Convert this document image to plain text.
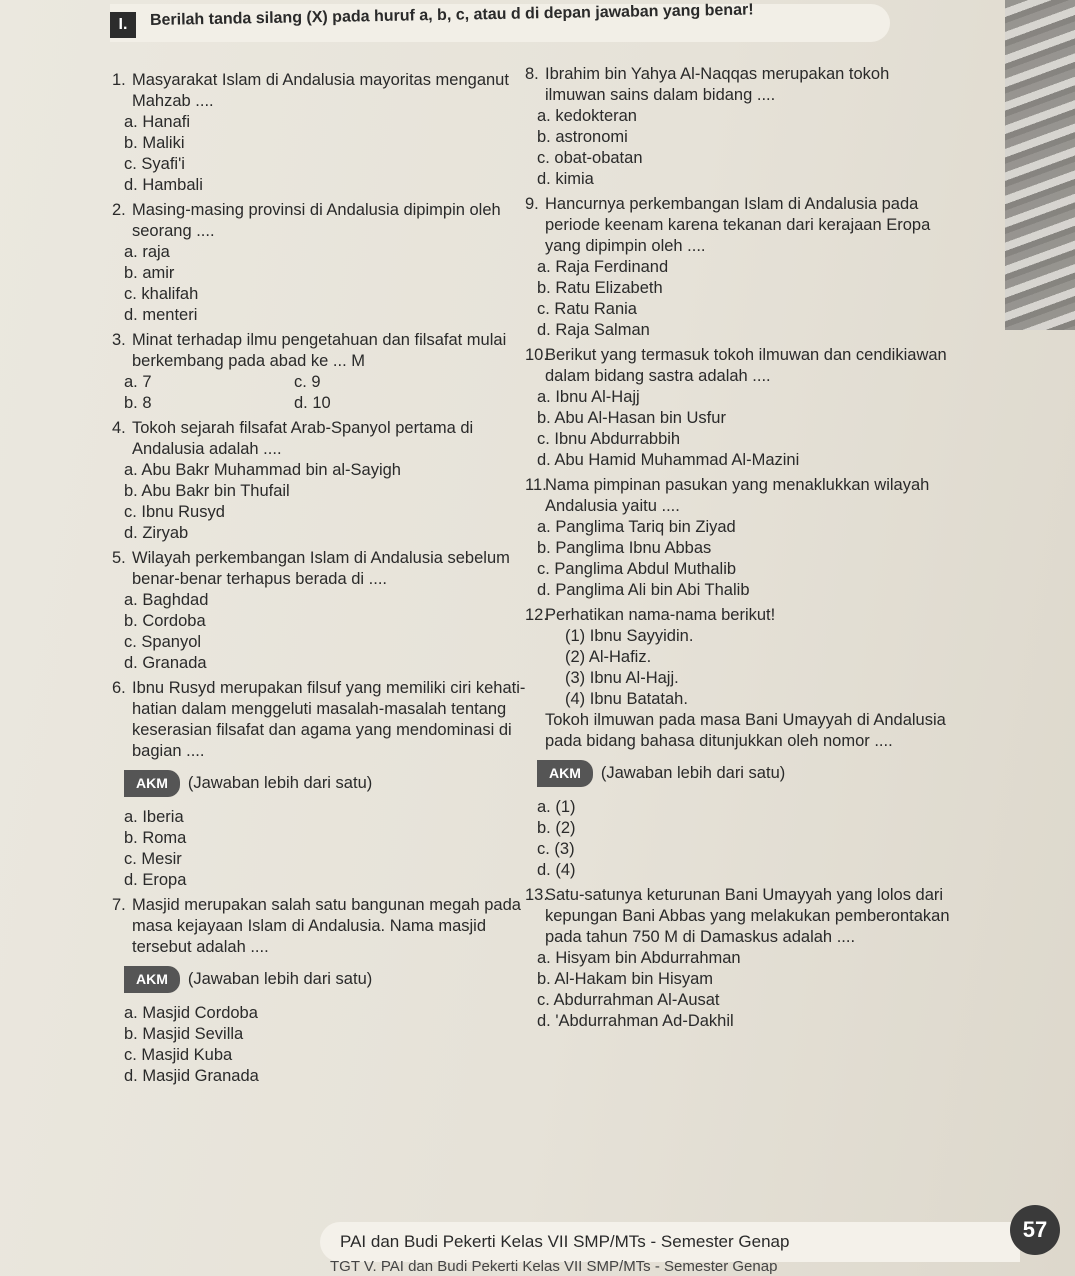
I.	Berilah tanda silang (X) pada huruf a, b, c, atau d di depan jawaban yang benar!
1. Masyarakat Islam di Andalusia mayoritas menganut Mahzab ....
a. Hanafi
b. Maliki
c. Syafi'i
d. Hambali
2. Masing-masing provinsi di Andalusia dipimpin oleh seorang ....
a. raja
b. amir
c. khalifah
d. menteri
3. Minat terhadap ilmu pengetahuan dan filsafat mulai berkembang pada abad ke ... M
a. 7	c. 9
b. 8	d. 10
4. Tokoh sejarah filsafat Arab-Spanyol pertama di Andalusia adalah ....
a. Abu Bakr Muhammad bin al-Sayigh
b. Abu Bakr bin Thufail
c. Ibnu Rusyd
d. Ziryab
5. Wilayah perkembangan Islam di Andalusia sebelum benar-benar terhapus berada di ....
a. Baghdad
b. Cordoba
c. Spanyol
d. Granada
6. Ibnu Rusyd merupakan filsuf yang memiliki ciri kehati-hatian dalam menggeluti masalah-masalah tentang keserasian filsafat dan agama yang mendominasi di bagian ....
AKM	(Jawaban lebih dari satu)
a. Iberia
b. Roma
c. Mesir
d. Eropa
7. Masjid merupakan salah satu bangunan megah pada masa kejayaan Islam di Andalusia. Nama masjid tersebut adalah ....
AKM	(Jawaban lebih dari satu)
a. Masjid Cordoba
b. Masjid Sevilla
c. Masjid Kuba
d. Masjid Granada
8. Ibrahim bin Yahya Al-Naqqas merupakan tokoh ilmuwan sains dalam bidang ....
a. kedokteran
b. astronomi
c. obat-obatan
d. kimia
9. Hancurnya perkembangan Islam di Andalusia pada periode keenam karena tekanan dari kerajaan Eropa yang dipimpin oleh ....
a. Raja Ferdinand
b. Ratu Elizabeth
c. Ratu Rania
d. Raja Salman
10.
Berikut yang termasuk tokoh ilmuwan dan cendikiawan dalam bidang sastra adalah ....
a. Ibnu Al-Hajj
b. Abu Al-Hasan bin Usfur
c. Ibnu Abdurrabbih
d. Abu Hamid Muhammad Al-Mazini
11.
Nama pimpinan pasukan yang menaklukkan wilayah Andalusia yaitu ....
a. Panglima Tariq bin Ziyad
b. Panglima Ibnu Abbas
c. Panglima Abdul Muthalib
d. Panglima Ali bin Abi Thalib
12.
Perhatikan nama-nama berikut!
(1) Ibnu Sayyidin.
(2) Al-Hafiz.
(3) Ibnu Al-Hajj.
(4) Ibnu Batatah.
Tokoh ilmuwan pada masa Bani Umayyah di Andalusia pada bidang bahasa ditunjukkan oleh nomor ....
AKM	(Jawaban lebih dari satu)
a. (1)
b. (2)
c. (3)
d. (4)
13.
Satu-satunya keturunan Bani Umayyah yang lolos dari kepungan Bani Abbas yang melakukan pemberontakan pada tahun 750 M di Damaskus adalah ....
a. Hisyam bin Abdurrahman
b. Al-Hakam bin Hisyam
c. Abdurrahman Al-Ausat
d. 'Abdurrahman Ad-Dakhil
PAI dan Budi Pekerti Kelas VII SMP/MTs - Semester Genap	57
TGT V. PAI dan Budi Pekerti Kelas VII SMP/MTs - Semester Genap
